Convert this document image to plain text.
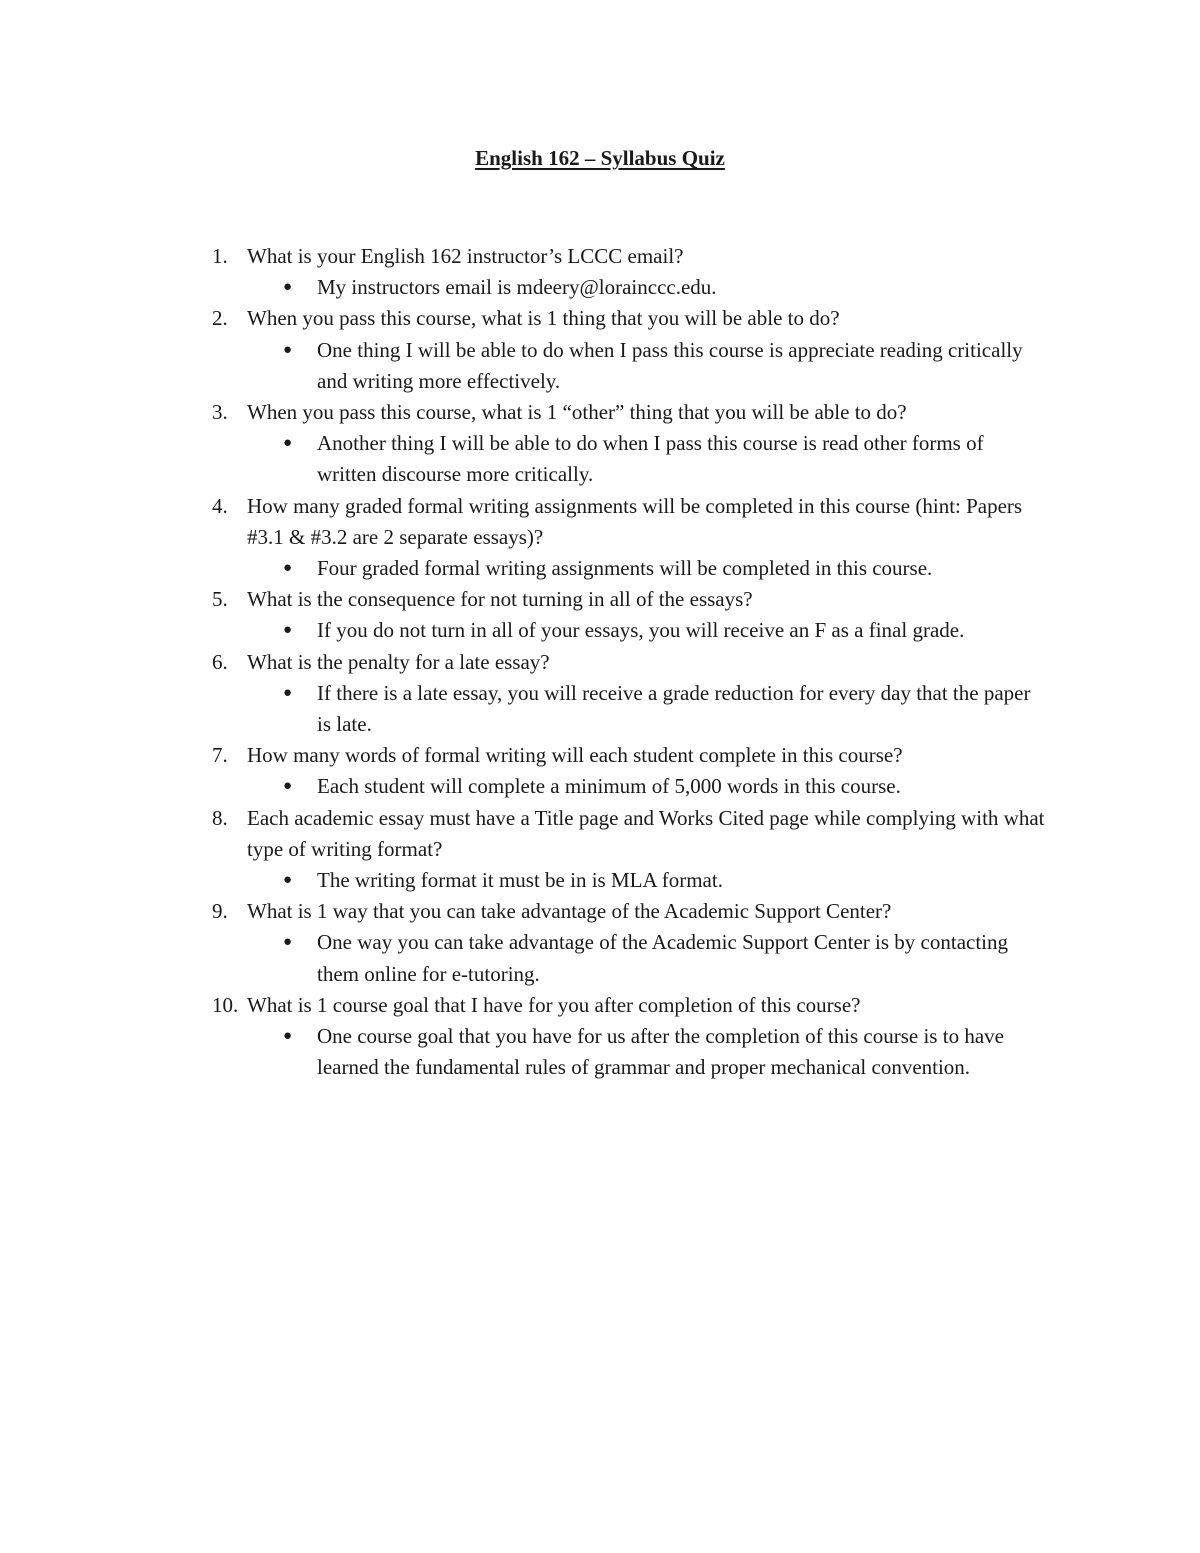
English 162 – Syllabus Quiz
1. What is your English 162 instructor’s LCCC email?
● My instructors email is mdeery@lorainccc.edu.
2. When you pass this course, what is 1 thing that you will be able to do?
● One thing I will be able to do when I pass this course is appreciate reading critically and writing more effectively.
3. When you pass this course, what is 1 “other” thing that you will be able to do?
● Another thing I will be able to do when I pass this course is read other forms of written discourse more critically.
4. How many graded formal writing assignments will be completed in this course (hint: Papers #3.1 & #3.2 are 2 separate essays)?
● Four graded formal writing assignments will be completed in this course.
5. What is the consequence for not turning in all of the essays?
● If you do not turn in all of your essays, you will receive an F as a final grade.
6. What is the penalty for a late essay?
● If there is a late essay, you will receive a grade reduction for every day that the paper is late.
7. How many words of formal writing will each student complete in this course?
● Each student will complete a minimum of 5,000 words in this course.
8. Each academic essay must have a Title page and Works Cited page while complying with what type of writing format?
● The writing format it must be in is MLA format.
9. What is 1 way that you can take advantage of the Academic Support Center?
● One way you can take advantage of the Academic Support Center is by contacting them online for e-tutoring.
10. What is 1 course goal that I have for you after completion of this course?
● One course goal that you have for us after the completion of this course is to have learned the fundamental rules of grammar and proper mechanical convention.
